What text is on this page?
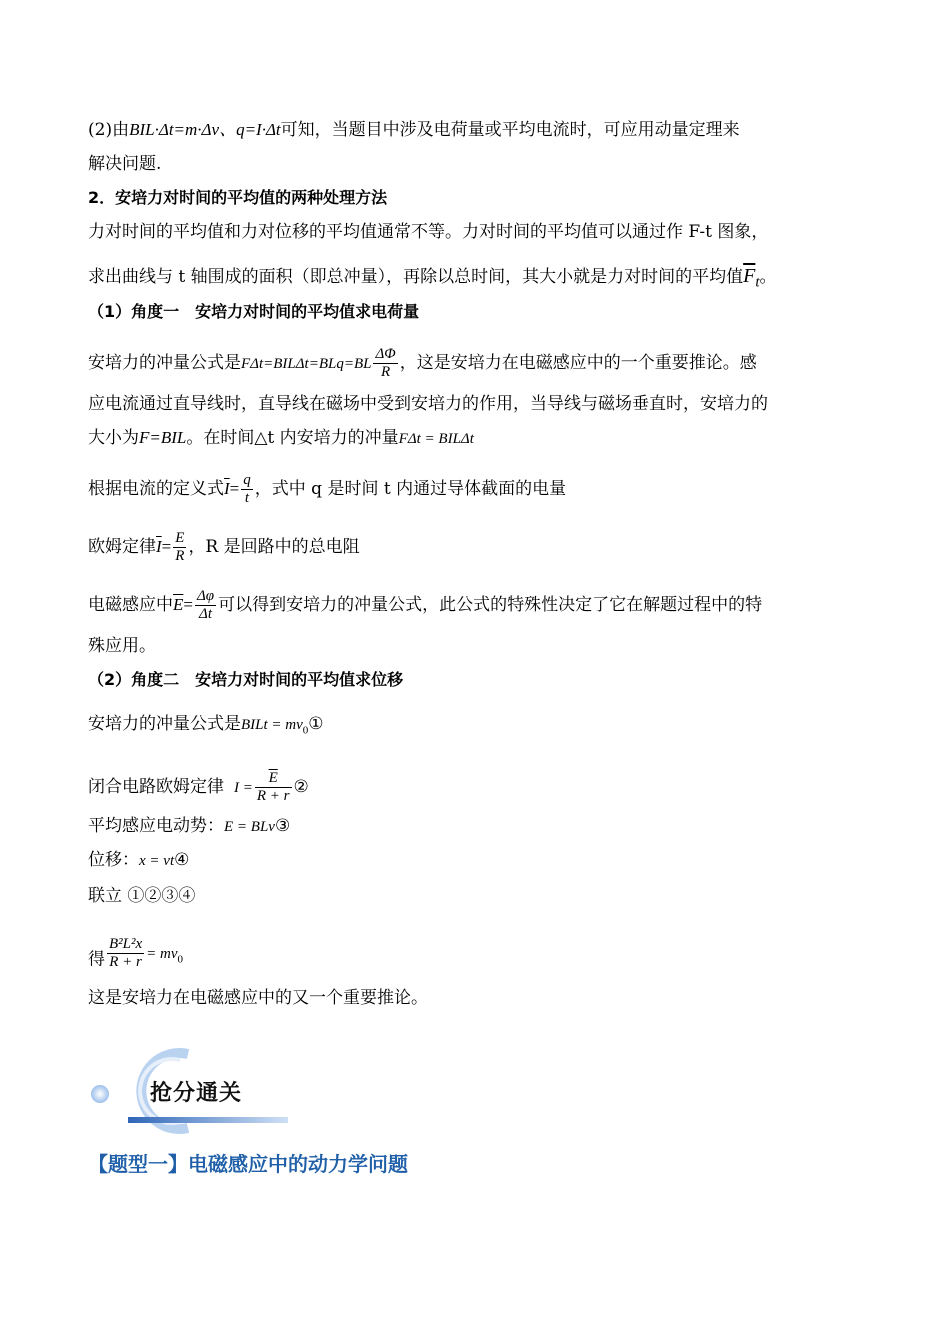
(2)由BIL·Δt=m·Δv、q=I·Δt可知，当题目中涉及电荷量或平均电流时，可应用动量定理来
解决问题.
2．安培力对时间的平均值的两种处理方法
力对时间的平均值和力对位移的平均值通常不等。力对时间的平均值可以通过作 F-t 图象，
求出曲线与 t 轴围成的面积（即总冲量），再除以总时间，其大小就是力对时间的平均值$\overline{F}_t$。
（1）角度一　安培力对时间的平均值求电荷量
安培力的冲量公式是$F\Delta t=BIL\Delta t=BLq=BL \frac{\Delta\Phi}{R}$ ，这是安培力在电磁感应中的一个重要推论。感
应电流通过直导线时，直导线在磁场中受到安培力的作用，当导线与磁场垂直时，安培力的
大小为F=BIL。在时间△t 内安培力的冲量FΔt = BILΔt
根据电流的定义式$\overline{I}= \frac{q}{t}$ ，式中 q 是时间 t 内通过导体截面的电量
欧姆定律$\overline{I}= \frac{E}{R}$ ，R 是回路中的总电阻
电磁感应中$\overline{E}= \frac{\Delta\varphi}{\Delta t}$ 可以得到安培力的冲量公式，此公式的特殊性决定了它在解题过程中的特
殊应用。
（2）角度二　安培力对时间的平均值求位移
安培力的冲量公式是BILt = $mv_0①$
闭合电路欧姆定律 $I = \frac{\overline{E}}{R + r}$ ②
平均感应电动势：E = BLv③
位移：x = vt④
联立 ①②③④
得 $\frac{\text{B²L²x}}{R + r} = mv_0$
这是安培力在电磁感应中的又一个重要推论。
抢分通关
【题型一】电磁感应中的动力学问题
